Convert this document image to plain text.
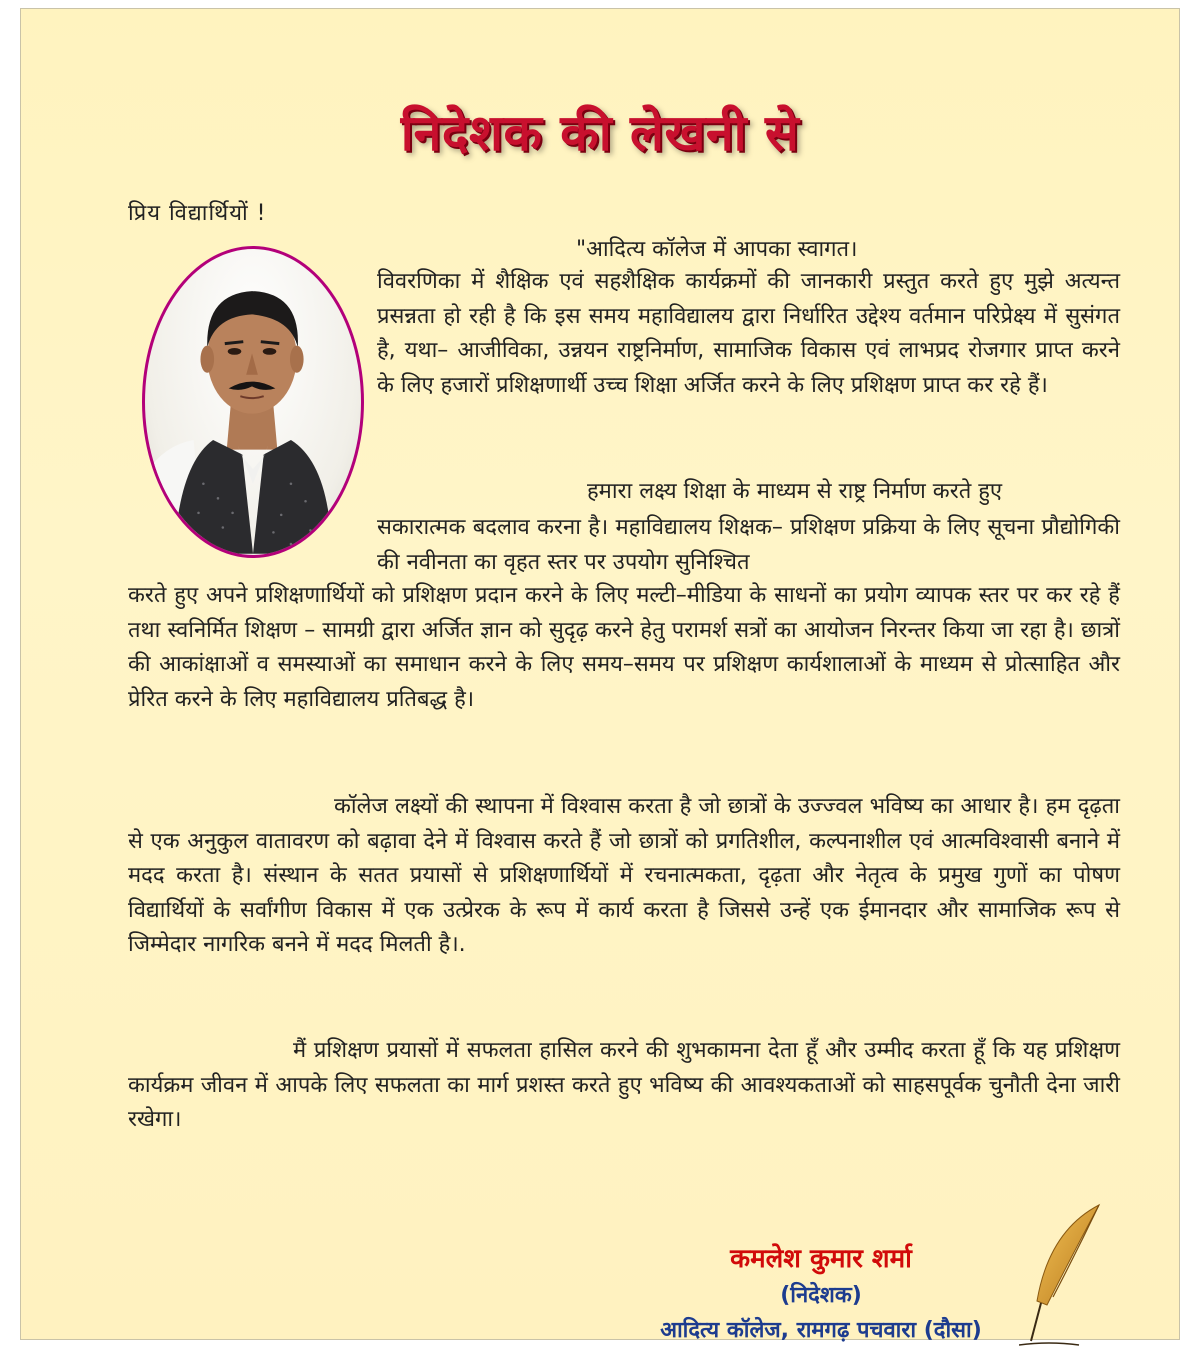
निदेशक की लेखनी से
प्रिय विद्यार्थियों !

"आदित्य कॉलेज में आपका स्वागत।

विवरणिका में शैक्षिक एवं सहशैक्षिक कार्यक्रमों की जानकारी प्रस्तुत करते हुए मुझे अत्यन्त प्रसन्नता हो रही है कि इस समय महाविद्यालय द्वारा निर्धारित उद्देश्य वर्तमान परिप्रेक्ष्य में सुसंगत है, यथा– आजीविका, उन्नयन राष्ट्रनिर्माण, सामाजिक विकास एवं लाभप्रद रोजगार प्राप्त करने के लिए हजारों प्रशिक्षणार्थी उच्च शिक्षा अर्जित करने के लिए प्रशिक्षण प्राप्त कर रहे हैं।

हमारा लक्ष्य शिक्षा के माध्यम से राष्ट्र निर्माण करते हुए

सकारात्मक बदलाव करना है। महाविद्यालय शिक्षक– प्रशिक्षण प्रक्रिया के लिए सूचना प्रौद्योगिकी की नवीनता का वृहत स्तर पर उपयोग सुनिश्चित

करते हुए अपने प्रशिक्षणार्थियों को प्रशिक्षण प्रदान करने के लिए मल्टी–मीडिया के साधनों का प्रयोग व्यापक स्तर पर कर रहे हैं तथा स्वनिर्मित शिक्षण – सामग्री द्वारा अर्जित ज्ञान को सुदृढ़ करने हेतु परामर्श सत्रों का आयोजन निरन्तर किया जा रहा है। छात्रों की आकांक्षाओं व समस्याओं का समाधान करने के लिए समय–समय पर प्रशिक्षण कार्यशालाओं के माध्यम से प्रोत्साहित और प्रेरित करने के लिए महाविद्यालय प्रतिबद्ध है।

कॉलेज लक्ष्यों की स्थापना में विश्वास करता है जो छात्रों के उज्ज्वल भविष्य का आधार है। हम दृढ़ता से एक अनुकुल वातावरण को बढ़ावा देने में विश्वास करते हैं जो छात्रों को प्रगतिशील, कल्पनाशील एवं आत्मविश्वासी बनाने में मदद करता है। संस्थान के सतत प्रयासों से प्रशिक्षणार्थियों में रचनात्मकता, दृढ़ता और नेतृत्व के प्रमुख गुणों का पोषण विद्यार्थियों के सर्वांगीण विकास में एक उत्प्रेरक के रूप में कार्य करता है जिससे उन्हें एक ईमानदार और सामाजिक रूप से जिम्मेदार नागरिक बनने में मदद मिलती है।.

मैं प्रशिक्षण प्रयासों में सफलता हासिल करने की शुभकामना देता हूँ और उम्मीद करता हूँ कि यह प्रशिक्षण कार्यक्रम जीवन में आपके लिए सफलता का मार्ग प्रशस्त करते हुए भविष्य की आवश्यकताओं को साहसपूर्वक चुनौती देना जारी रखेगा।

कमलेश कुमार शर्मा
(निदेशक)
आदित्य कॉलेज, रामगढ़ पचवारा (दौसा)
